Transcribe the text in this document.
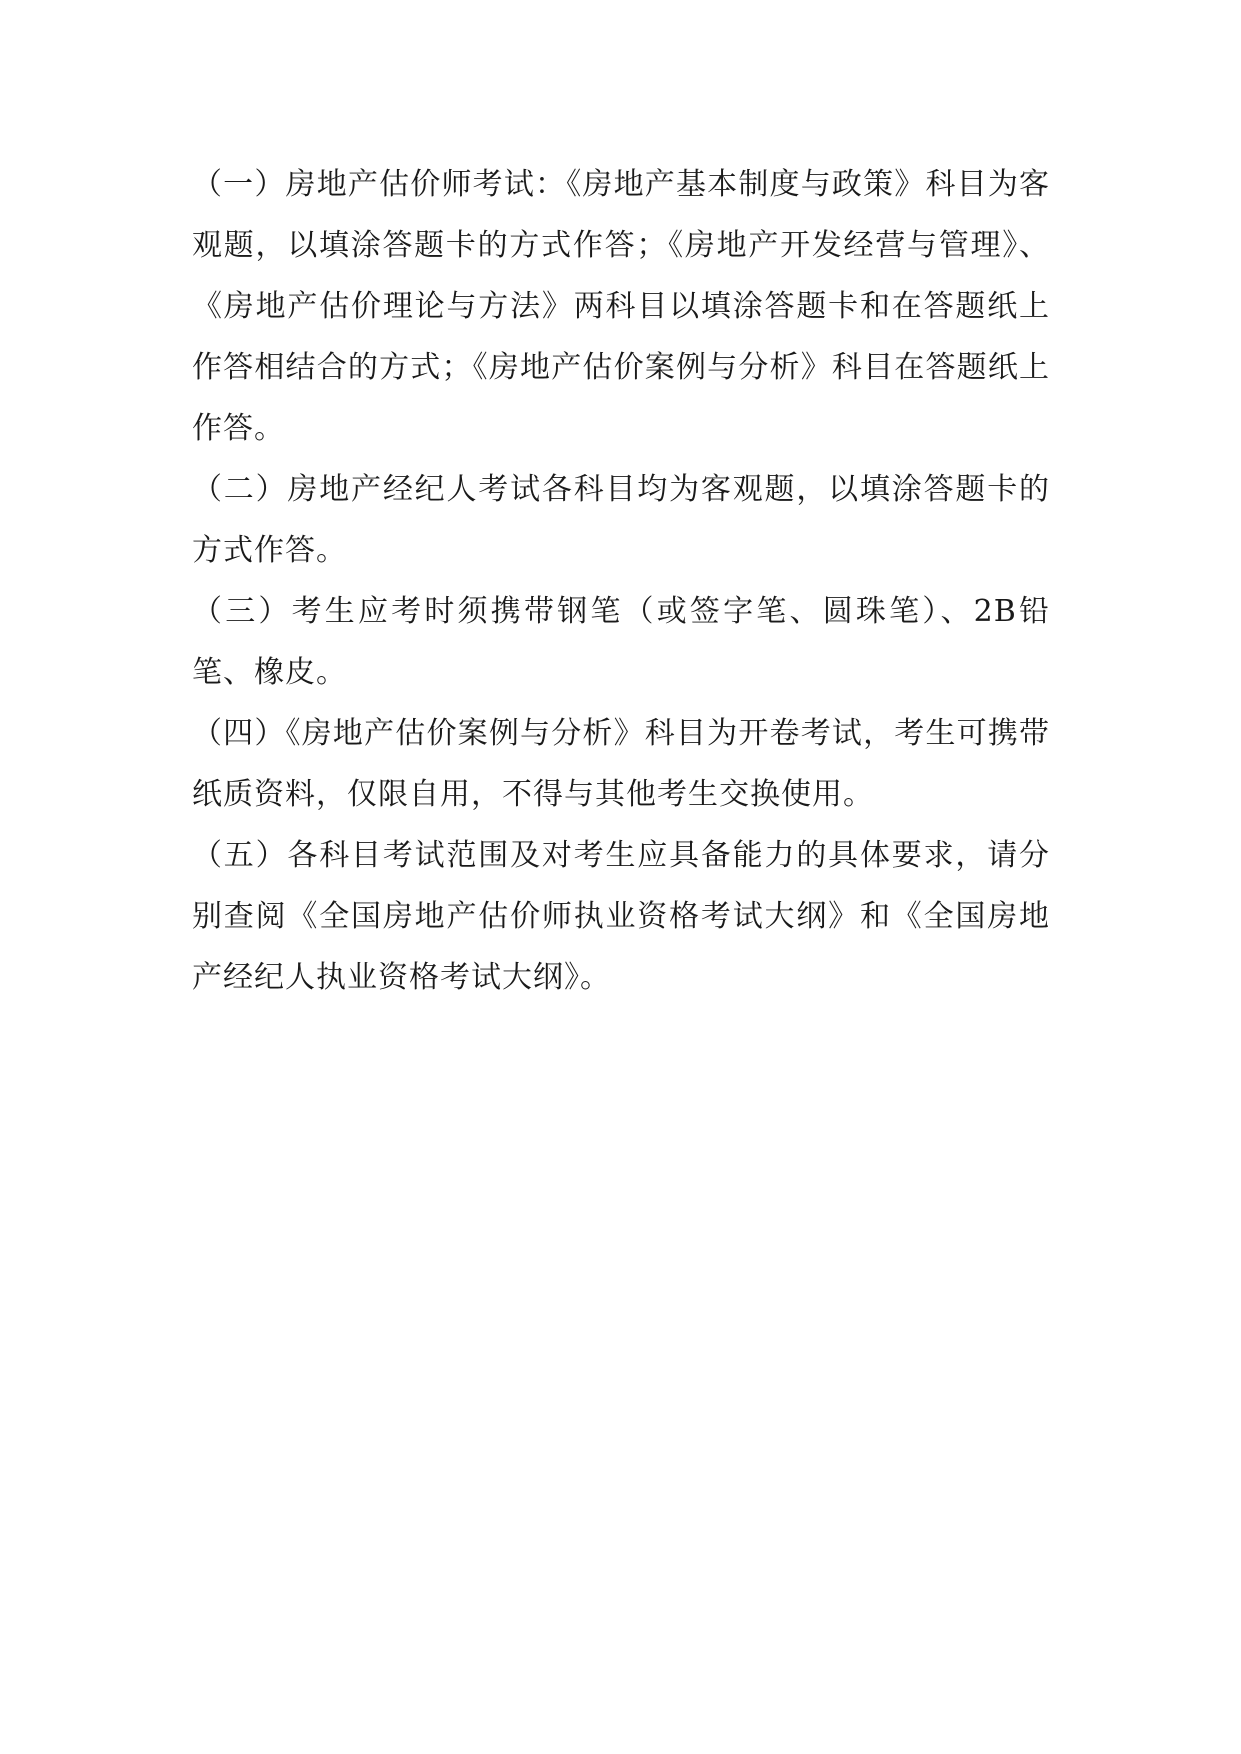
（一）房地产估价师考试：《房地产基本制度与政策》科目为客观题，以填涂答题卡的方式作答；《房地产开发经营与管理》、《房地产估价理论与方法》两科目以填涂答题卡和在答题纸上作答相结合的方式；《房地产估价案例与分析》科目在答题纸上作答。

（二）房地产经纪人考试各科目均为客观题，以填涂答题卡的方式作答。

（三）考生应考时须携带钢笔（或签字笔、圆珠笔）、2B铅笔、橡皮。

（四）《房地产估价案例与分析》科目为开卷考试，考生可携带纸质资料，仅限自用，不得与其他考生交换使用。

（五）各科目考试范围及对考生应具备能力的具体要求，请分别查阅《全国房地产估价师执业资格考试大纲》和《全国房地产经纪人执业资格考试大纲》。
